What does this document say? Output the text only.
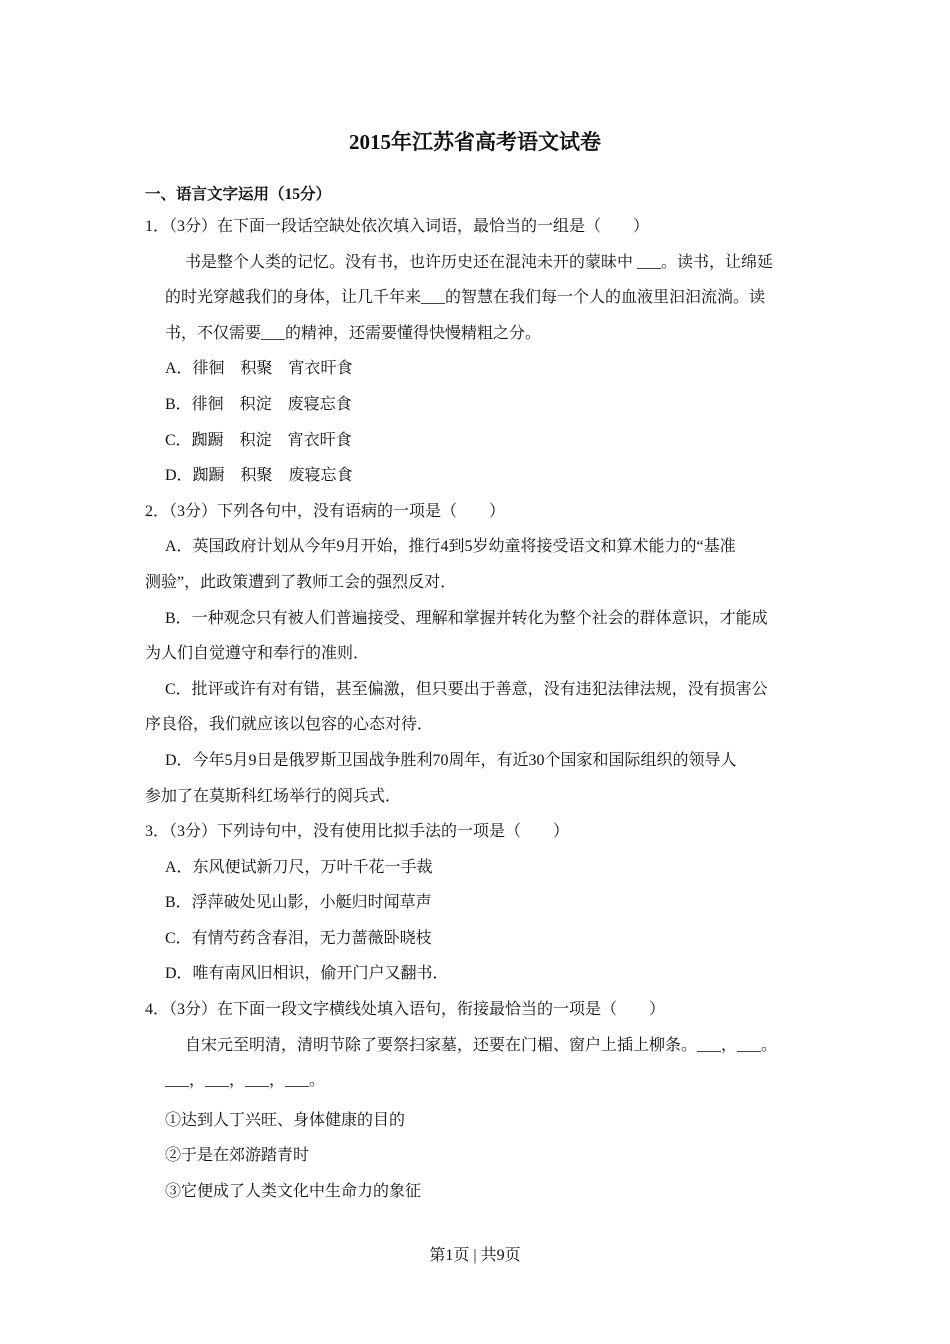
2015年江苏省高考语文试卷
一、语言文字运用（15分）
1．（3分）在下面一段话空缺处依次填入词语，最恰当的一组是（　　）
书是整个人类的记忆。没有书，也许历史还在混沌未开的蒙昧中 ___。读书，让绵延
的时光穿越我们的身体，让几千年来___的智慧在我们每一个人的血液里汩汩流淌。读
书，不仅需要___的精神，还需要懂得快慢精粗之分。
A．徘徊　积聚　宵衣旰食
B．徘徊　积淀　废寝忘食
C．踟蹰　积淀　宵衣旰食
D．踟蹰　积聚　废寝忘食
2．（3分）下列各句中，没有语病的一项是（　　）
A．英国政府计划从今年9月开始，推行4到5岁幼童将接受语文和算术能力的“基准
测验”，此政策遭到了教师工会的强烈反对．
B．一种观念只有被人们普遍接受、理解和掌握并转化为整个社会的群体意识，才能成
为人们自觉遵守和奉行的准则．
C．批评或许有对有错，甚至偏激，但只要出于善意，没有违犯法律法规，没有损害公
序良俗，我们就应该以包容的心态对待．
D．今年5月9日是俄罗斯卫国战争胜利70周年，有近30个国家和国际组织的领导人
参加了在莫斯科红场举行的阅兵式．
3．（3分）下列诗句中，没有使用比拟手法的一项是（　　）
A．东风便试新刀尺，万叶千花一手裁
B．浮萍破处见山影，小艇归时闻草声
C．有情芍药含春泪，无力蔷薇卧晓枝
D．唯有南风旧相识，偷开门户又翻书．
4．（3分）在下面一段文字横线处填入语句，衔接最恰当的一项是（　　）
自宋元至明清，清明节除了要祭扫家墓，还要在门楣、窗户上插上柳条。___，___。
___，___，___，___。
①达到人丁兴旺、身体健康的目的
②于是在郊游踏青时
③它便成了人类文化中生命力的象征
第1页 | 共9页
